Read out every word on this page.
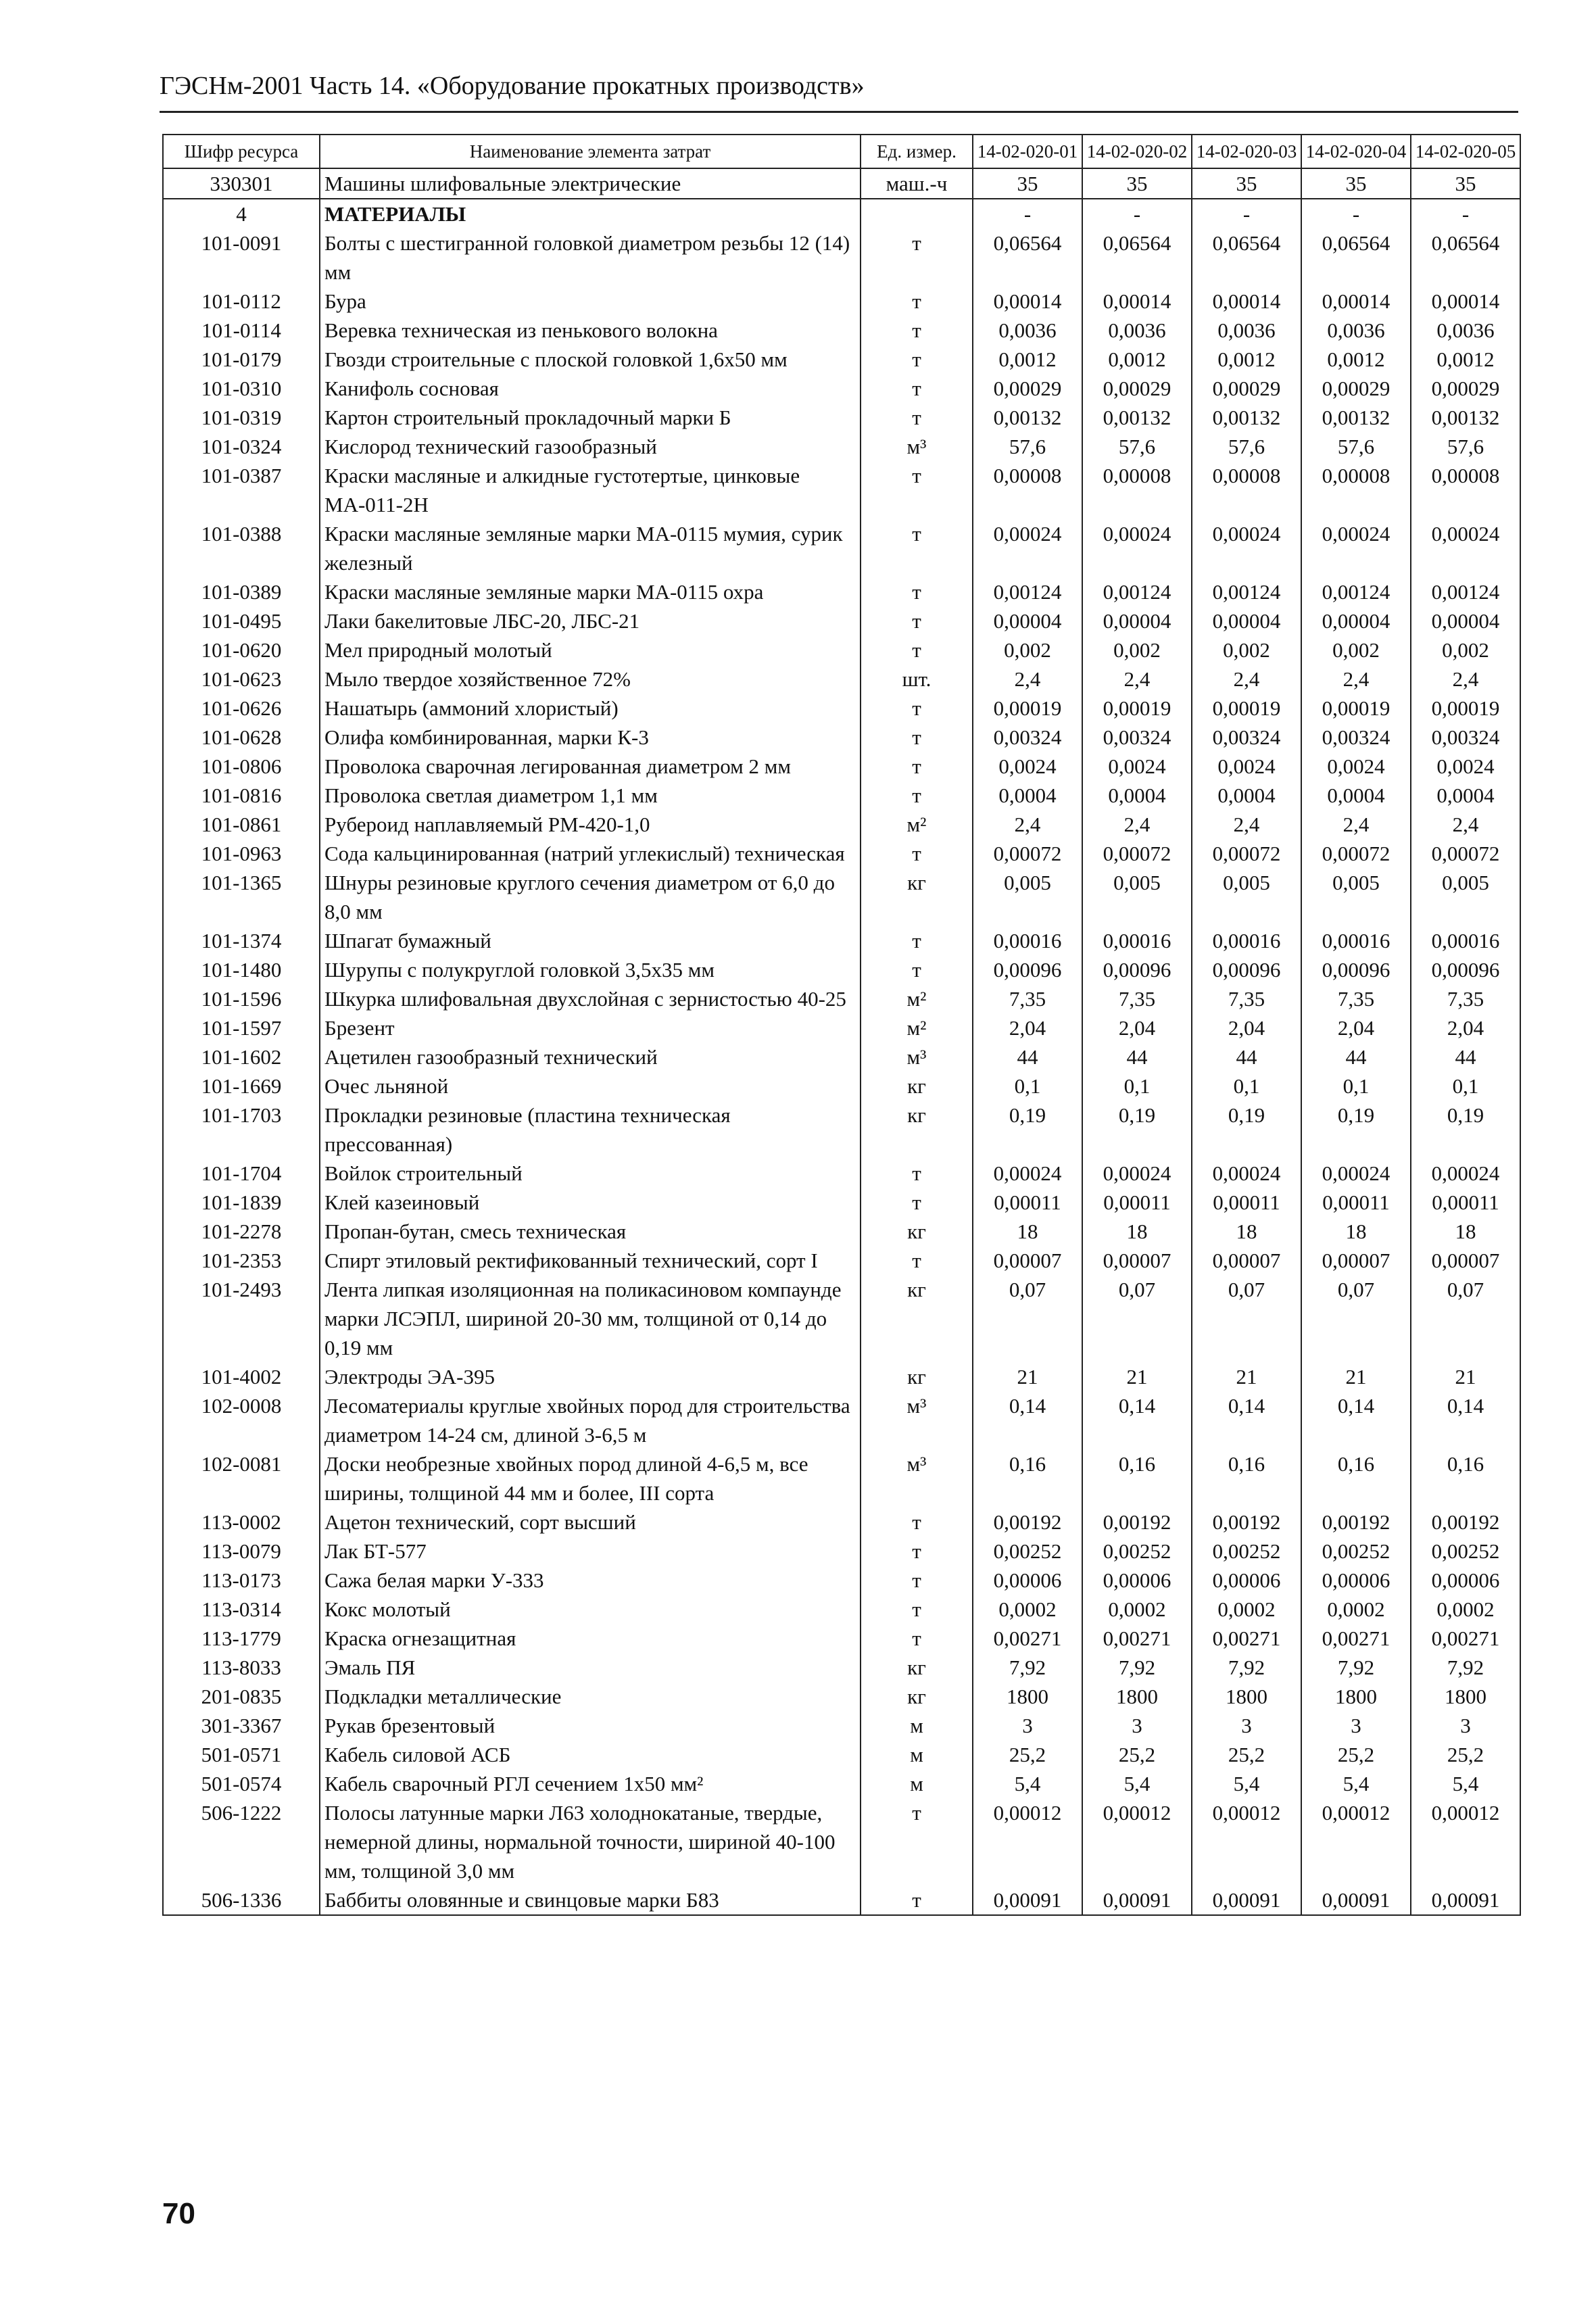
ГЭСНм-2001 Часть 14. «Оборудование прокатных производств»
Шифр ресурса	Наименование элемента затрат	Ед. измер.	14-02-020-01	14-02-020-02	14-02-020-03	14-02-020-04	14-02-020-05
330301	Машины шлифовальные электрические	маш.-ч	35	35	35	35	35
4	МАТЕРИАЛЫ		-	-	-	-	-
101-0091	Болты с шестигранной головкой диаметром резьбы 12 (14) мм	т	0,06564	0,06564	0,06564	0,06564	0,06564
101-0112	Бура	т	0,00014	0,00014	0,00014	0,00014	0,00014
101-0114	Веревка техническая из пенькового волокна	т	0,0036	0,0036	0,0036	0,0036	0,0036
101-0179	Гвозди строительные с плоской головкой 1,6x50 мм	т	0,0012	0,0012	0,0012	0,0012	0,0012
101-0310	Канифоль сосновая	т	0,00029	0,00029	0,00029	0,00029	0,00029
101-0319	Картон строительный прокладочный марки Б	т	0,00132	0,00132	0,00132	0,00132	0,00132
101-0324	Кислород технический газообразный	м³	57,6	57,6	57,6	57,6	57,6
101-0387	Краски масляные и алкидные густотертые, цинковые МА-011-2Н	т	0,00008	0,00008	0,00008	0,00008	0,00008
101-0388	Краски масляные земляные марки МА-0115 мумия, сурик железный	т	0,00024	0,00024	0,00024	0,00024	0,00024
101-0389	Краски масляные земляные марки МА-0115 охра	т	0,00124	0,00124	0,00124	0,00124	0,00124
101-0495	Лаки бакелитовые ЛБС-20, ЛБС-21	т	0,00004	0,00004	0,00004	0,00004	0,00004
101-0620	Мел природный молотый	т	0,002	0,002	0,002	0,002	0,002
101-0623	Мыло твердое хозяйственное 72%	шт.	2,4	2,4	2,4	2,4	2,4
101-0626	Нашатырь (аммоний хлористый)	т	0,00019	0,00019	0,00019	0,00019	0,00019
101-0628	Олифа комбинированная, марки К-3	т	0,00324	0,00324	0,00324	0,00324	0,00324
101-0806	Проволока сварочная легированная диаметром 2 мм	т	0,0024	0,0024	0,0024	0,0024	0,0024
101-0816	Проволока светлая диаметром 1,1 мм	т	0,0004	0,0004	0,0004	0,0004	0,0004
101-0861	Рубероид наплавляемый РМ-420-1,0	м²	2,4	2,4	2,4	2,4	2,4
101-0963	Сода кальцинированная (натрий углекислый) техническая	т	0,00072	0,00072	0,00072	0,00072	0,00072
101-1365	Шнуры резиновые круглого сечения диаметром от 6,0 до 8,0 мм	кг	0,005	0,005	0,005	0,005	0,005
101-1374	Шпагат бумажный	т	0,00016	0,00016	0,00016	0,00016	0,00016
101-1480	Шурупы с полукруглой головкой 3,5x35 мм	т	0,00096	0,00096	0,00096	0,00096	0,00096
101-1596	Шкурка шлифовальная двухслойная с зернистостью 40-25	м²	7,35	7,35	7,35	7,35	7,35
101-1597	Брезент	м²	2,04	2,04	2,04	2,04	2,04
101-1602	Ацетилен газообразный технический	м³	44	44	44	44	44
101-1669	Очес льняной	кг	0,1	0,1	0,1	0,1	0,1
101-1703	Прокладки резиновые (пластина техническая прессованная)	кг	0,19	0,19	0,19	0,19	0,19
101-1704	Войлок строительный	т	0,00024	0,00024	0,00024	0,00024	0,00024
101-1839	Клей казеиновый	т	0,00011	0,00011	0,00011	0,00011	0,00011
101-2278	Пропан-бутан, смесь техническая	кг	18	18	18	18	18
101-2353	Спирт этиловый ректификованный технический, сорт I	т	0,00007	0,00007	0,00007	0,00007	0,00007
101-2493	Лента липкая изоляционная на поликасиновом компаунде марки ЛСЭПЛ, шириной 20-30 мм, толщиной от 0,14 до 0,19 мм	кг	0,07	0,07	0,07	0,07	0,07
101-4002	Электроды ЭА-395	кг	21	21	21	21	21
102-0008	Лесоматериалы круглые хвойных пород для строительства диаметром 14-24 см, длиной 3-6,5 м	м³	0,14	0,14	0,14	0,14	0,14
102-0081	Доски необрезные хвойных пород длиной 4-6,5 м, все ширины, толщиной 44 мм и более, III сорта	м³	0,16	0,16	0,16	0,16	0,16
113-0002	Ацетон технический, сорт высший	т	0,00192	0,00192	0,00192	0,00192	0,00192
113-0079	Лак БТ-577	т	0,00252	0,00252	0,00252	0,00252	0,00252
113-0173	Сажа белая марки У-333	т	0,00006	0,00006	0,00006	0,00006	0,00006
113-0314	Кокс молотый	т	0,0002	0,0002	0,0002	0,0002	0,0002
113-1779	Краска огнезащитная	т	0,00271	0,00271	0,00271	0,00271	0,00271
113-8033	Эмаль ПЯ	кг	7,92	7,92	7,92	7,92	7,92
201-0835	Подкладки металлические	кг	1800	1800	1800	1800	1800
301-3367	Рукав брезентовый	м	3	3	3	3	3
501-0571	Кабель силовой АСБ	м	25,2	25,2	25,2	25,2	25,2
501-0574	Кабель сварочный РГЛ сечением 1x50 мм²	м	5,4	5,4	5,4	5,4	5,4
506-1222	Полосы латунные марки Л63 холоднокатаные, твердые, немерной длины, нормальной точности, шириной 40-100 мм, толщиной 3,0 мм	т	0,00012	0,00012	0,00012	0,00012	0,00012
506-1336	Баббиты оловянные и свинцовые марки Б83	т	0,00091	0,00091	0,00091	0,00091	0,00091
70
